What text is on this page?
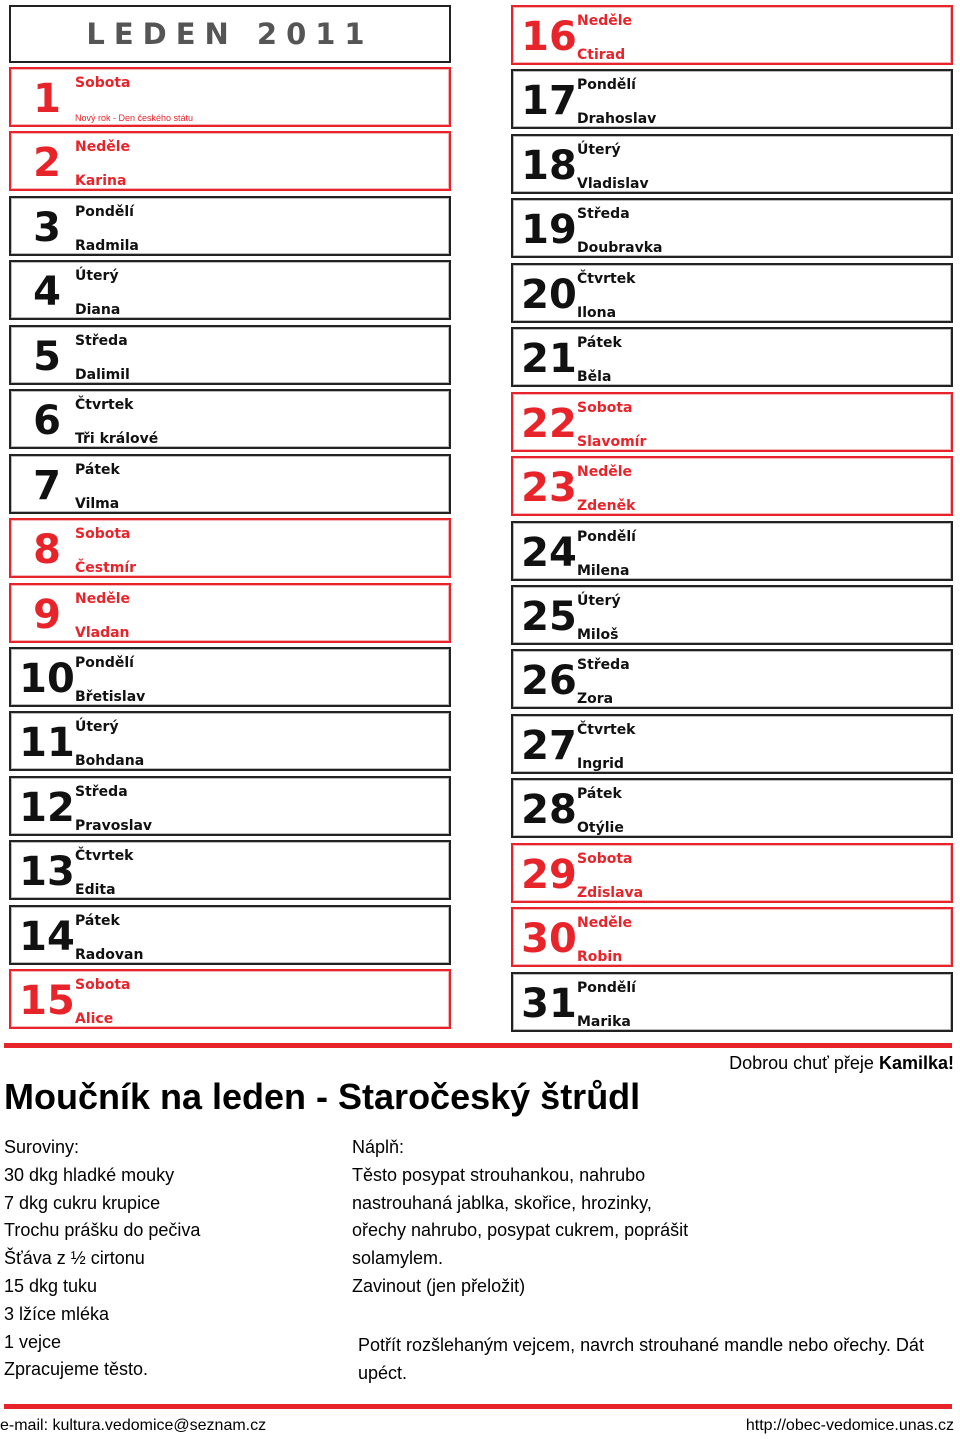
LEDEN 2011
1	Sobota
Nový rok - Den českého státu
2	Neděle
Karina
3	Pondělí
Radmila
4	Úterý
Diana
5	Středa
Dalimil
6	Čtvrtek
Tři králové
7	Pátek
Vilma
8	Sobota
Čestmír
9	Neděle
Vladan
10 Pondělí
Břetislav
11 Úterý
Bohdana
12 Středa
Pravoslav
13 Čtvrtek
Edita
14 Pátek
Radovan
15 Sobota
Alice
16 Neděle
Ctirad
17 Pondělí
Drahoslav
18 Úterý
Vladislav
19 Středa
Doubravka
20 Čtvrtek
Ilona
21 Pátek
Běla
22 Sobota
Slavomír
23 Neděle
Zdeněk
24 Pondělí
Milena
25 Úterý
Miloš
26 Středa
Zora
27 Čtvrtek
Ingrid
28 Pátek
Otýlie
29 Sobota
Zdislava
30 Neděle
Robin
31 Pondělí
Marika
Dobrou chuť přeje Kamilka!
Moučník na leden - Staročeský štrůdl
Suroviny:
30 dkg hladké mouky
7 dkg cukru krupice
Trochu prášku do pečiva
Šťáva z ½ cirtonu
15 dkg tuku
3 lžíce mléka
1 vejce
Zpracujeme těsto.
Náplň:
Těsto posypat strouhankou, nahrubo
nastrouhaná jablka, skořice, hrozinky,
ořechy nahrubo, posypat cukrem, poprášit
solamylem.
Zavinout (jen přeložit)
Potřít rozšlehaným vejcem, navrch strouhané mandle nebo ořechy. Dát upéct.
e-mail: kultura.vedomice@seznam.cz	http://obec-vedomice.unas.cz
